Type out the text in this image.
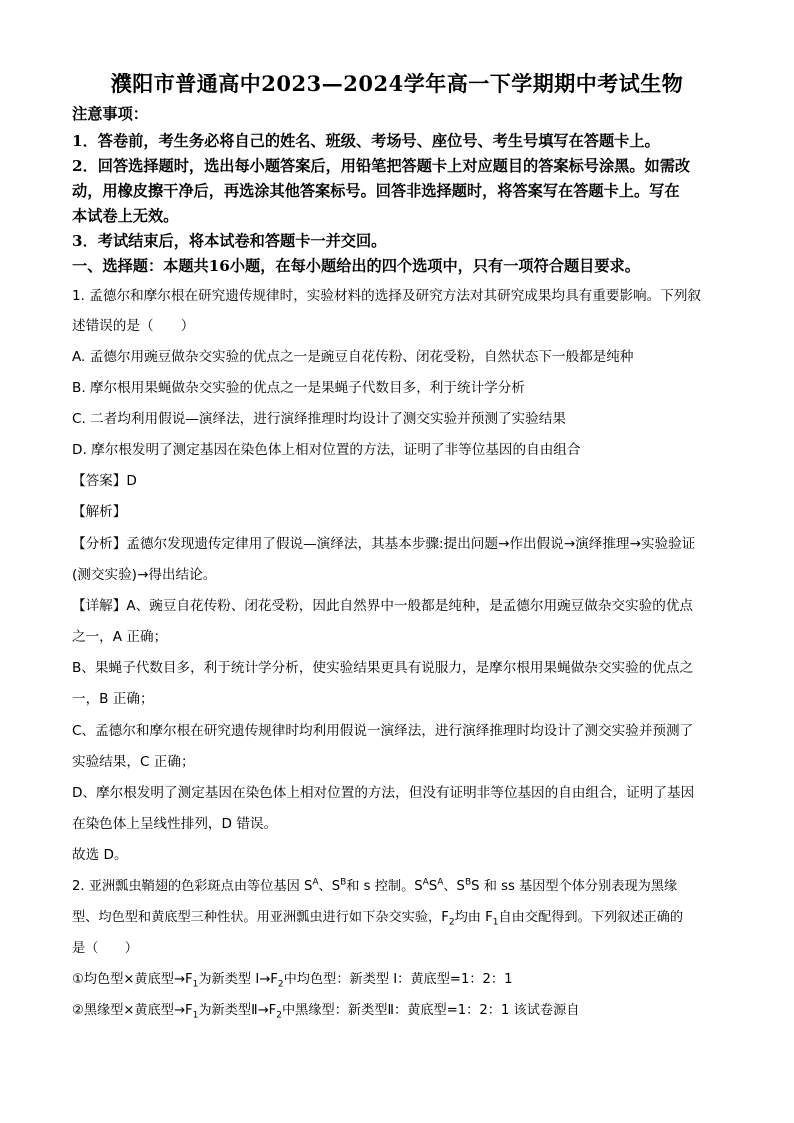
濮阳市普通高中2023—2024学年高一下学期期中考试生物
注意事项：
1．答卷前，考生务必将自己的姓名、班级、考场号、座位号、考生号填写在答题卡上。
2．回答选择题时，选出每小题答案后，用铅笔把答题卡上对应题目的答案标号涂黑。如需改
动，用橡皮擦干净后，再选涂其他答案标号。回答非选择题时，将答案写在答题卡上。写在
本试卷上无效。
3．考试结束后，将本试卷和答题卡一并交回。
一、选择题：本题共16小题，在每小题给出的四个选项中，只有一项符合题目要求。
1. 孟德尔和摩尔根在研究遗传规律时，实验材料的选择及研究方法对其研究成果均具有重要影响。下列叙
述错误的是（　　）
A. 孟德尔用豌豆做杂交实验的优点之一是豌豆自花传粉、闭花受粉，自然状态下一般都是纯种
B. 摩尔根用果蝇做杂交实验的优点之一是果蝇子代数目多，利于统计学分析
C. 二者均利用假说—演绎法，进行演绎推理时均设计了测交实验并预测了实验结果
D. 摩尔根发明了测定基因在染色体上相对位置的方法，证明了非等位基因的自由组合
【答案】D
【解析】
【分析】孟德尔发现遗传定律用了假说—演绎法，其基本步骤:提出问题→作出假说→演绎推理→实验验证
(测交实验)→得出结论。
【详解】A、豌豆自花传粉、闭花受粉，因此自然界中一般都是纯种，是孟德尔用豌豆做杂交实验的优点
之一，A 正确；
B、果蝇子代数目多，利于统计学分析，使实验结果更具有说服力，是摩尔根用果蝇做杂交实验的优点之
一，B 正确；
C、孟德尔和摩尔根在研究遗传规律时均利用假说一演绎法，进行演绎推理时均设计了测交实验并预测了
实验结果，C 正确；
D、摩尔根发明了测定基因在染色体上相对位置的方法，但没有证明非等位基因的自由组合，证明了基因
在染色体上呈线性排列，D 错误。
故选 D。
2. 亚洲瓢虫鞘翅的色彩斑点由等位基因 $S^A$、$S^B$和 s 控制。$S^AS^A$、$S^BS$ 和 ss 基因型个体分别表现为黑缘
型、均色型和黄底型三种性状。用亚洲瓢虫进行如下杂交实验，$F_2$均由 $F_1$自由交配得到。下列叙述正确的
是（　　）
①均色型×黄底型$\to F_1$为新类型 $I\to F_2$中均色型：新类型 I：黄底型=1：2：1
②黑缘型×黄底型$\to F_1$为新类型$Ⅱ\to F_2$中黑缘型：新类型Ⅱ：黄底型=1：2：1 该试卷源自
